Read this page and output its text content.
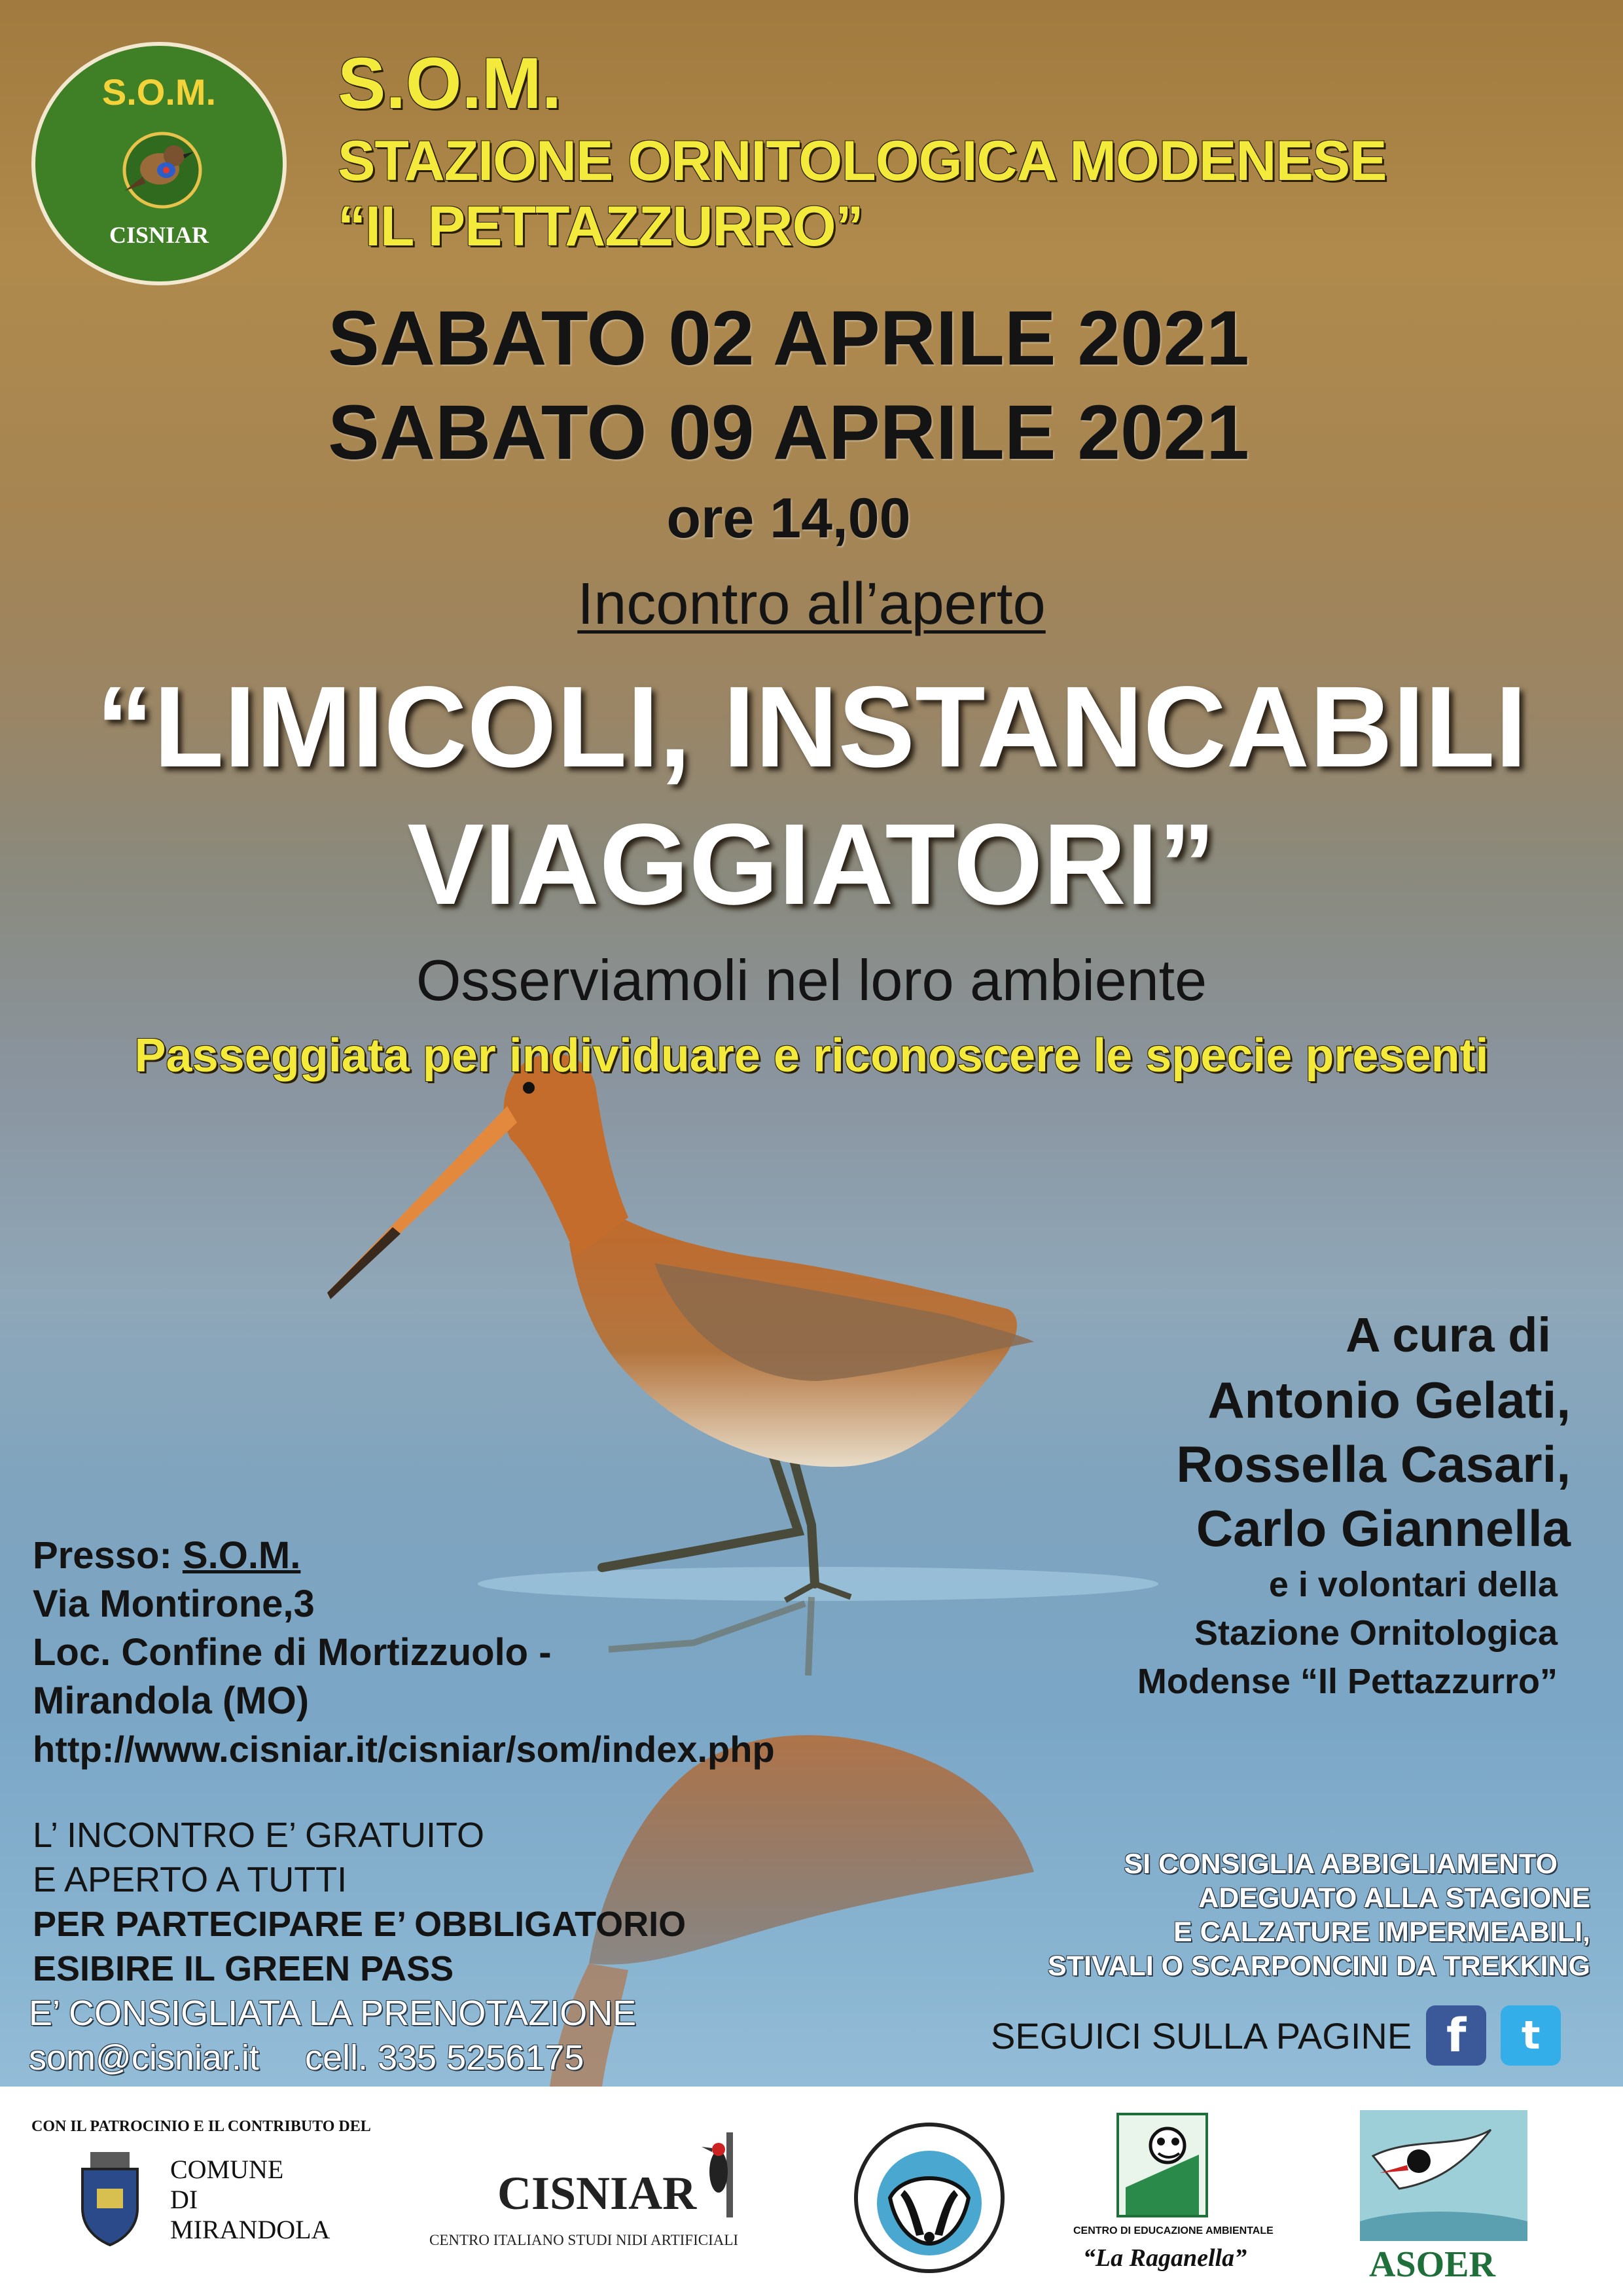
S.O.M.
CISNIAR
S.O.M.
STAZIONE ORNITOLOGICA MODENESE
“IL PETTAZZURRO”
SABATO 02 APRILE 2021
SABATO 09 APRILE 2021
ore 14,00
Incontro all’aperto
“LIMICOLI, INSTANCABILI
VIAGGIATORI”
Osserviamoli nel loro ambiente
Passeggiata per individuare e riconoscere le specie presenti
A cura di
Antonio Gelati,
Rossella Casari,
Carlo Giannella
e i volontari della
Stazione Ornitologica
Modense “Il Pettazzurro”
Presso: S.O.M.
Via Montirone,3
Loc. Confine di Mortizzuolo -
Mirandola (MO)
http://www.cisniar.it/cisniar/som/index.php
L’ INCONTRO E’ GRATUITO
E APERTO A TUTTI
PER PARTECIPARE E’ OBBLIGATORIO
ESIBIRE IL GREEN PASS
E’ CONSIGLIATA LA PRENOTAZIONE
som@cisniar.it cell. 335 5256175
SI CONSIGLIA ABBIGLIAMENTO
ADEGUATO ALLA STAGIONE
E CALZATURE IMPERMEABILI,
STIVALI O SCARPONCINI DA TREKKING
SEGUICI SULLA PAGINE f	t
CON IL PATROCINIO E IL CONTRIBUTO DEL
COMUNE
DI
MIRANDOLA
CISNIAR
CENTRO ITALIANO STUDI NIDI ARTIFICIALI
CENTRO DI EDUCAZIONE AMBIENTALE
“La Raganella”	ASOER
